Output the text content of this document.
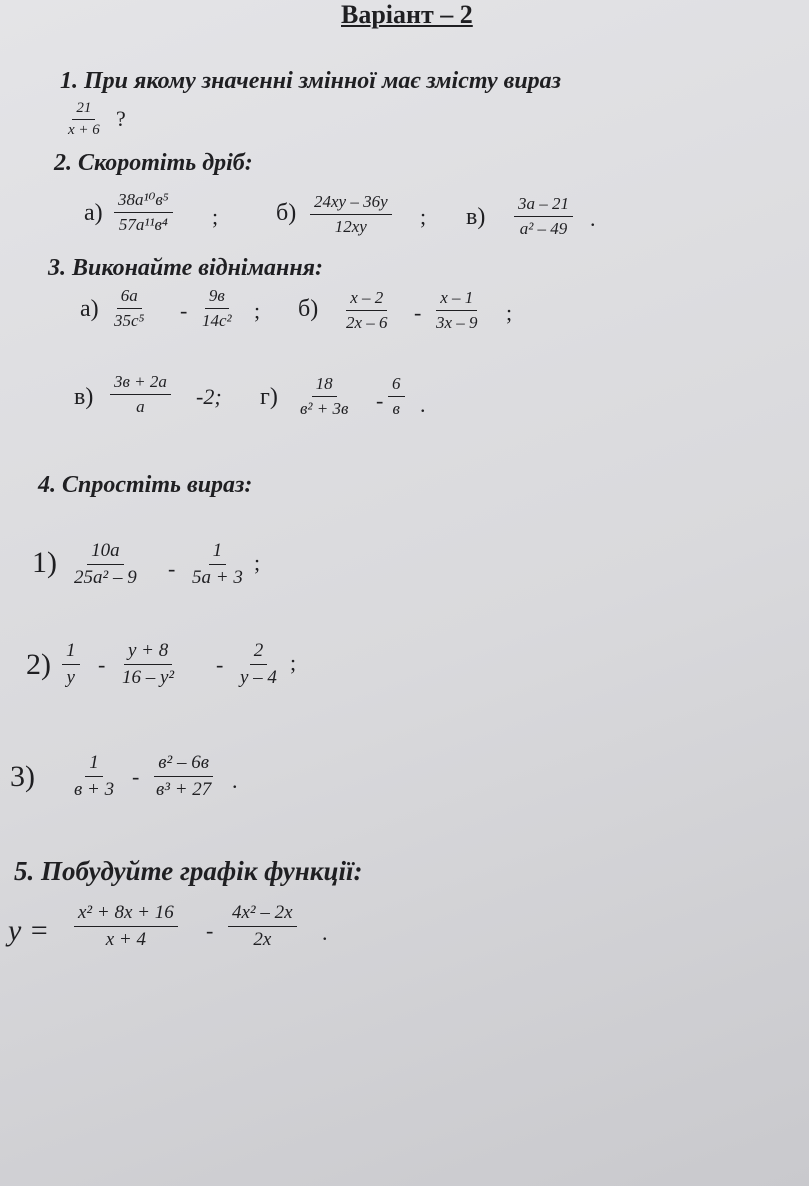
Варіант – 2
1. При якому значенні змінної має змісту вираз
$\frac{21}{x + 6}$ ?
2. Скоротіть дріб:
а)
38a¹⁰в⁵
57a¹¹в⁴ ; $б) \frac{24xy - 36y}{12xy}$ ; $в) \frac{3a - 21}{\text{a² – 49}}$ .
3. Виконайте віднімання:
$а) \frac{6a}{\text{35c⁵}}$ -
9в
14c² ; $б) \frac{x - 2}{2x - 6} - \frac{x - 1}{3x - 9}$ ;
в)
3в + 2a
a -2; г)
18
в² + 3в -
6
в .
4. Спростіть вираз:
$1) \frac{10a}{\text{25a² – 9}} - \frac{1}{5a + 3}$ ;
$2) \frac{1}{y} - \frac{y + 8}{\text{16 – y²}} - \frac{2}{y - 4}$ ;
3)	1
в + 3
-
в² – 6в
в³ + 27 .
5. Побудуйте графік функції:
$y = \frac{\text{x² + 8x + 16}}{x + 4} - \frac{\text{4x² – 2x}}{2x}$ .
